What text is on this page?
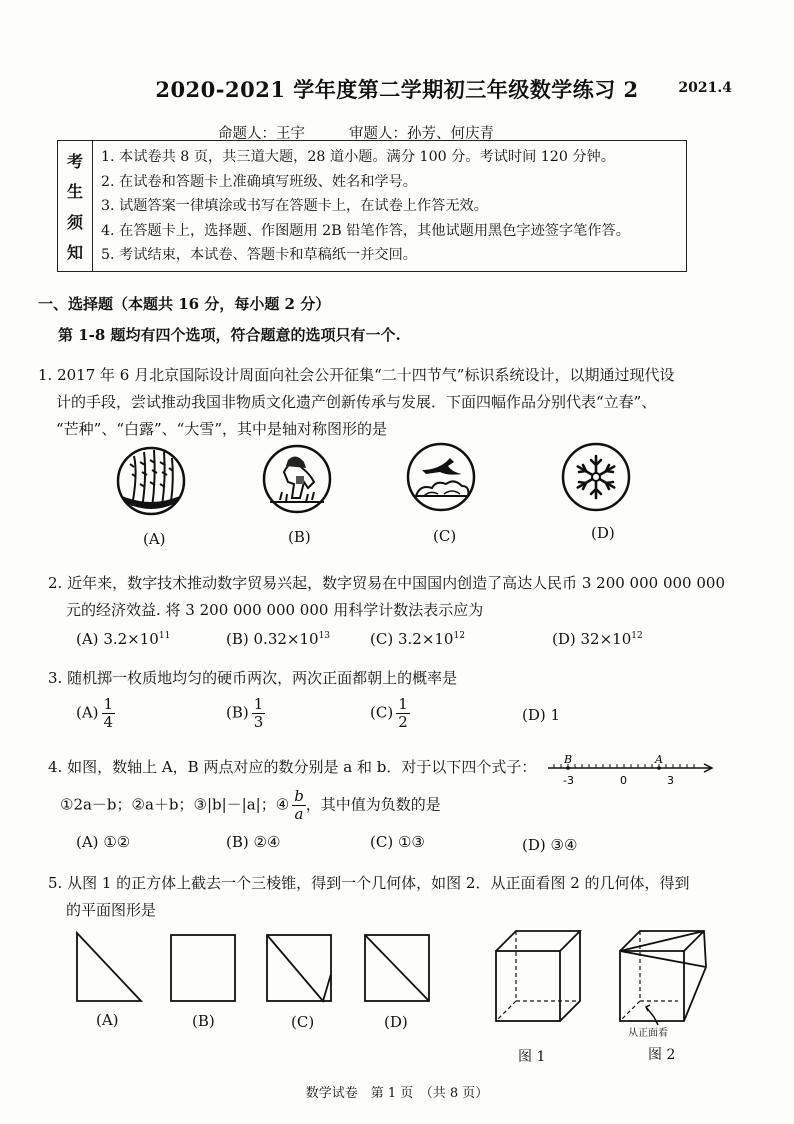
2020-2021 学年度第二学期初三年级数学练习 2	2021.4
命题人：王宇	审题人：孙芳、何庆青
考
生
须
知
1. 本试卷共 8 页，共三道大题，28 道小题。满分 100 分。考试时间 120 分钟。
2. 在试卷和答题卡上准确填写班级、姓名和学号。
3. 试题答案一律填涂或书写在答题卡上，在试卷上作答无效。
4. 在答题卡上，选择题、作图题用 2B 铅笔作答，其他试题用黑色字迹签字笔作答。
5. 考试结束，本试卷、答题卡和草稿纸一并交回。
一、选择题（本题共 16 分，每小题 2 分）
第 1-8 题均有四个选项，符合题意的选项只有一个.
1. 2017 年 6 月北京国际设计周面向社会公开征集“二十四节气”标识系统设计，以期通过现代设
计的手段，尝试推动我国非物质文化遗产创新传承与发展．下面四幅作品分别代表“立春”、
“芒种”、“白露”、“大雪”，其中是轴对称图形的是
(A)	(B)	(C)	(D)
2. 近年来，数字技术推动数字贸易兴起，数字贸易在中国国内创造了高达人民币 3 200 000 000 000
元的经济效益. 将 3 200 000 000 000 用科学计数法表示应为
(A) $3.2\times 10^{11}$	(B) $0.32\times 10^{13}$	(C) $3.2\times 10^{12}$	(D) $32\times 10^{12}$
3. 随机掷一枚质地均匀的硬币两次，两次正面都朝上的概率是
$(A) \frac{1}{4}$	$(B) \frac{1}{3}$	$(C) \frac{1}{2}$	(D) 1
4. 如图，数轴上 A，B 两点对应的数分别是 a 和 b．对于以下四个式子：
①2a－b；②a＋b；③|b|－|a|；④ $\frac{b}{a}$ ，其中值为负数的是
B	A
-3	0	3
(A) ①②	(B) ②④	(C) ①③	(D) ③④
5. 从图 1 的正方体上截去一个三棱锥，得到一个几何体，如图 2．从正面看图 2 的几何体，得到
的平面图形是
(A)	(B)	(C)	(D)
从正面看
图 1	图 2
数学试卷　第 1 页　（共 8 页）
